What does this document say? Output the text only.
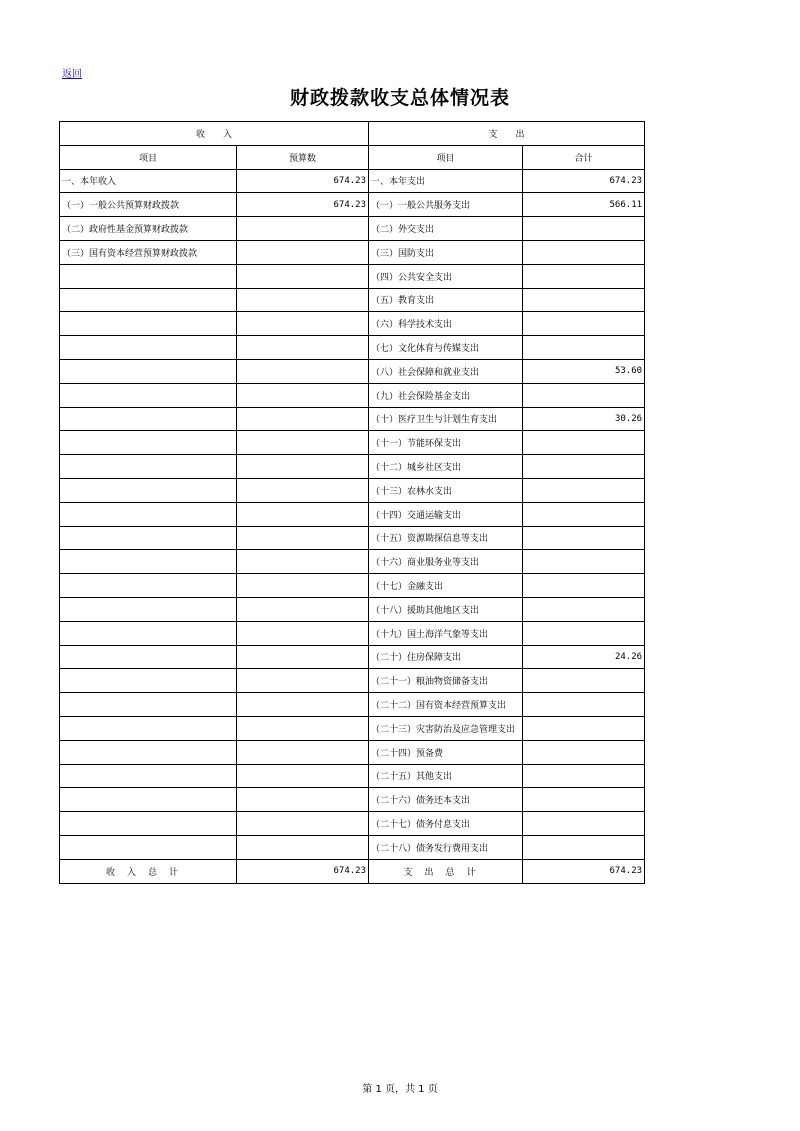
返回
财政拨款收支总体情况表
收　　入		支　　出	
项目	预算数	项目	合计
一、本年收入	674.23	一、本年支出	674.23
（一）一般公共预算财政拨款	674.23	（一）一般公共服务支出	566.11
（二）政府性基金预算财政拨款		（二）外交支出	
（三）国有资本经营预算财政拨款		（三）国防支出	
		（四）公共安全支出	
		（五）教育支出	
		（六）科学技术支出	
		（七）文化体育与传媒支出	
		（八）社会保障和就业支出	53.60
		（九）社会保险基金支出	
		（十）医疗卫生与计划生育支出	30.26
		（十一）节能环保支出	
		（十二）城乡社区支出	
		（十三）农林水支出	
		（十四）交通运输支出	
		（十五）资源勘探信息等支出	
		（十六）商业服务业等支出	
		（十七）金融支出	
		（十八）援助其他地区支出	
		（十九）国土海洋气象等支出	
		（二十）住房保障支出	24.26
		（二十一）粮油物资储备支出	
		（二十二）国有资本经营预算支出	
		（二十三）灾害防治及应急管理支出	
		（二十四）预备费	
		（二十五）其他支出	
		（二十六）债务还本支出	
		（二十七）债务付息支出	
		（二十八）债务发行费用支出	
收入总计	674.23	支出总计	674.23
第 1 页，共 1 页
